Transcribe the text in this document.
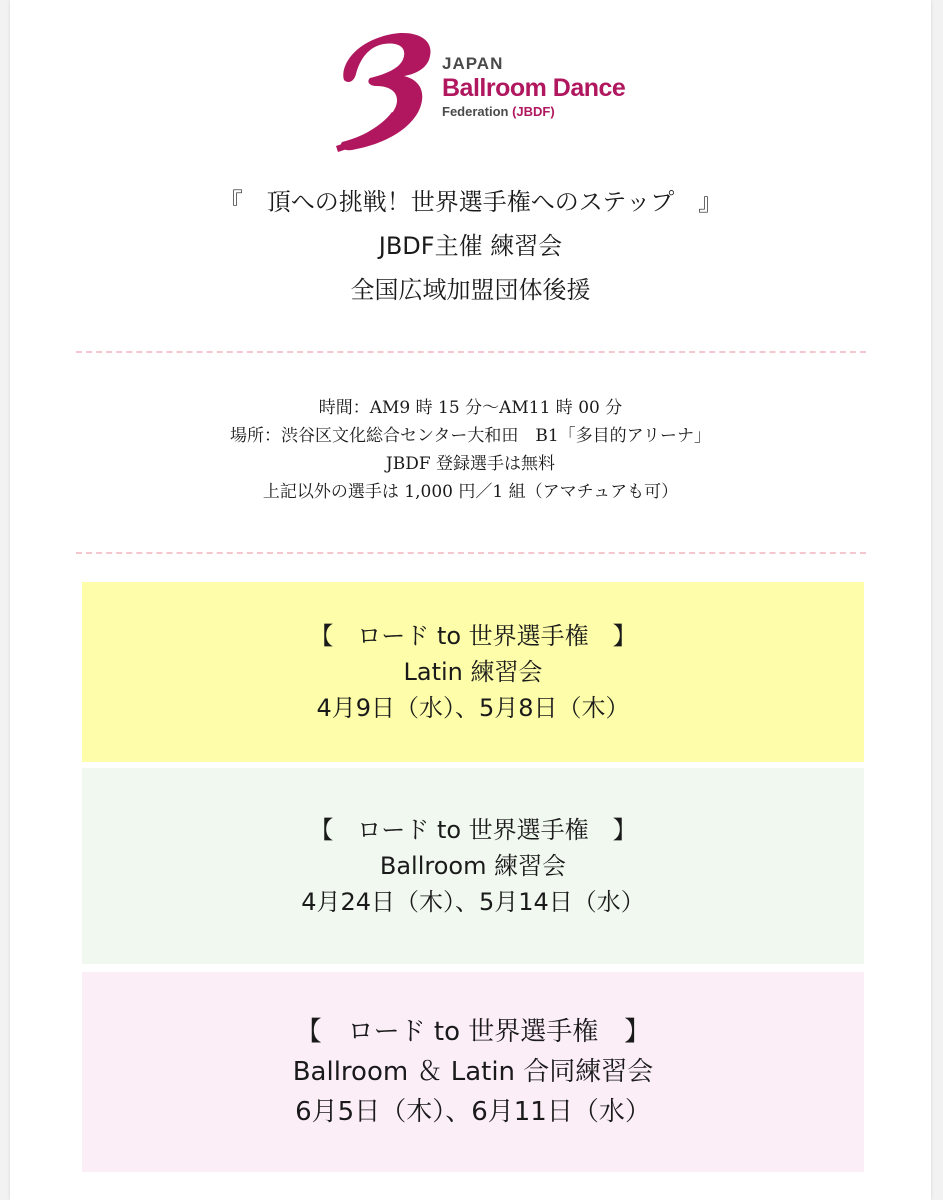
JAPAN
Ballroom Dance
Federation (JBDF)
『　頂への挑戦！世界選手権へのステップ　』
JBDF主催 練習会
全国広域加盟団体後援
時間：AM9 時 15 分～AM11 時 00 分
場所：渋谷区文化総合センター大和田　B1「多目的アリーナ」
JBDF 登録選手は無料
上記以外の選手は 1,000 円／1 組（アマチュアも可）
【　ロード to 世界選手権　】
Latin 練習会
4月9日（水）、5月8日（木）
【　ロード to 世界選手権　】
Ballroom 練習会
4月24日（木）、5月14日（水）
【　ロード to 世界選手権　】
Ballroom ＆ Latin 合同練習会
6月5日（木）、6月11日（水）
